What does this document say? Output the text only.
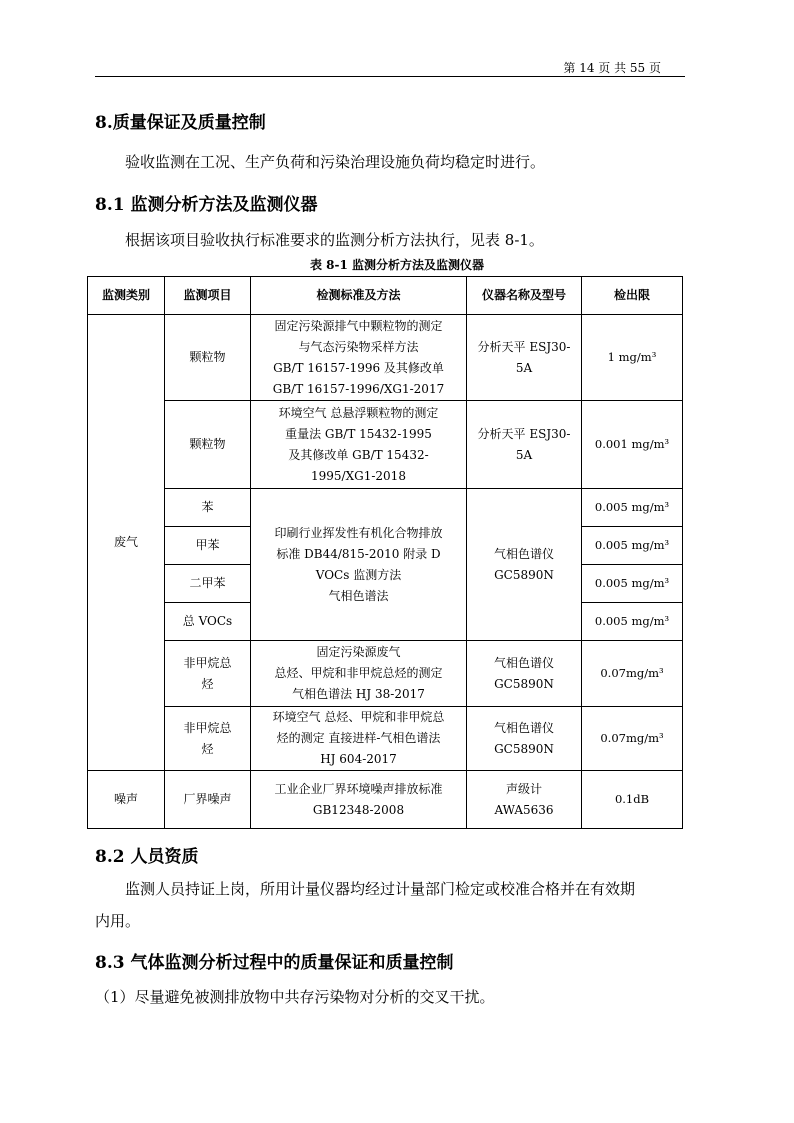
第 14 页 共 55 页
8.质量保证及质量控制
验收监测在工况、生产负荷和污染治理设施负荷均稳定时进行。
8.1 监测分析方法及监测仪器
根据该项目验收执行标准要求的监测分析方法执行，见表 8-1。
表 8-1 监测分析方法及监测仪器
监测类别	监测项目	检测标准及方法	仪器名称及型号	检出限
废气	颗粒物	固定污染源排气中颗粒物的测定
与气态污染物采样方法
GB/T 16157-1996 及其修改单
GB/T 16157-1996/XG1-2017	分析天平 ESJ30-
5A	1 mg/m³
	颗粒物	环境空气 总悬浮颗粒物的测定
重量法 GB/T 15432-1995
及其修改单 GB/T 15432-
1995/XG1-2018	分析天平 ESJ30-
5A	0.001 mg/m³
	苯	印刷行业挥发性有机化合物排放
标准 DB44/815-2010 附录 D
VOCs 监测方法
气相色谱法	气相色谱仪
GC5890N	0.005 mg/m³
	甲苯			0.005 mg/m³
	二甲苯			0.005 mg/m³
	总 VOCs			0.005 mg/m³

	非甲烷总
烃	固定污染源废气
总烃、甲烷和非甲烷总烃的测定
气相色谱法 HJ 38-2017	气相色谱仪
GC5890N	0.07mg/m³

	非甲烷总
烃	环境空气 总烃、甲烷和非甲烷总
烃的测定 直接进样-气相色谱法
HJ 604-2017	气相色谱仪
GC5890N	0.07mg/m³
噪声	厂界噪声	工业企业厂界环境噪声排放标准
GB12348-2008	声级计
AWA5636	0.1dB
8.2 人员资质
监测人员持证上岗，所用计量仪器均经过计量部门检定或校准合格并在有效期
内用。
8.3 气体监测分析过程中的质量保证和质量控制
（1）尽量避免被测排放物中共存污染物对分析的交叉干扰。
